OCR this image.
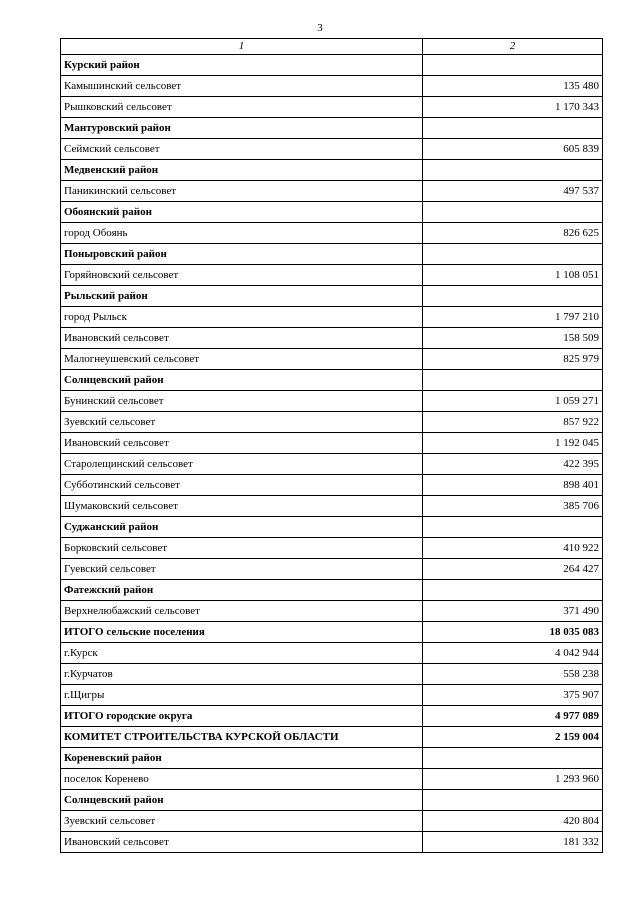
3
1	2
Курский район	
Камышинский сельсовет	135 480
Рышковский сельсовет	1 170 343
Мантуровский район	
Сеймский сельсовет	605 839
Медвенский район	
Паникинский сельсовет	497 537
Обоянский район	
город Обоянь	826 625
Поныровский район	
Горяйновский сельсовет	1 108 051
Рыльский район	
город Рыльск	1 797 210
Ивановский сельсовет	158 509
Малогнеушевский сельсовет	825 979
Солнцевский район	
Бунинский сельсовет	1 059 271
Зуевский сельсовет	857 922
Ивановский сельсовет	1 192 045
Старолещинский сельсовет	422 395
Субботинский сельсовет	898 401
Шумаковский сельсовет	385 706
Суджанский район	
Борковский сельсовет	410 922
Гуевский сельсовет	264 427
Фатежский район	
Верхнелюбажский сельсовет	371 490
ИТОГО сельские поселения	18 035 083
г.Курск	4 042 944
г.Курчатов	558 238
г.Щигры	375 907
ИТОГО городские округа	4 977 089
КОМИТЕТ СТРОИТЕЛЬСТВА КУРСКОЙ ОБЛАСТИ	2 159 004
Кореневский район	
поселок Коренево	1 293 960
Солнцевский район	
Зуевский сельсовет	420 804
Ивановский сельсовет	181 332
